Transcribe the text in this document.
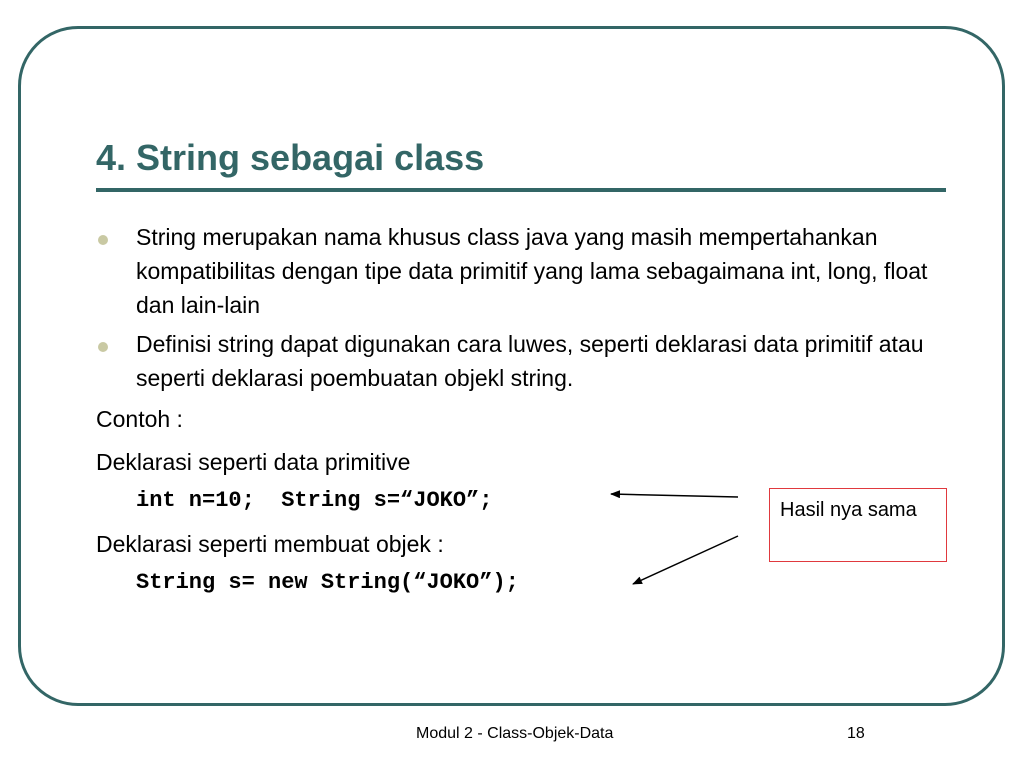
4. String sebagai class
String merupakan nama khusus class java yang masih mempertahankan kompatibilitas dengan tipe data primitif yang lama sebagaimana int, long, float dan lain-lain
Definisi string dapat digunakan cara luwes, seperti deklarasi data primitif atau seperti deklarasi poembuatan objekl string.
Contoh :
Deklarasi seperti data primitive
int n=10;  String s=“JOKO”;
Deklarasi seperti membuat objek :
String s= new String(“JOKO”);
Hasil nya sama
Modul 2 - Class-Objek-Data	18
